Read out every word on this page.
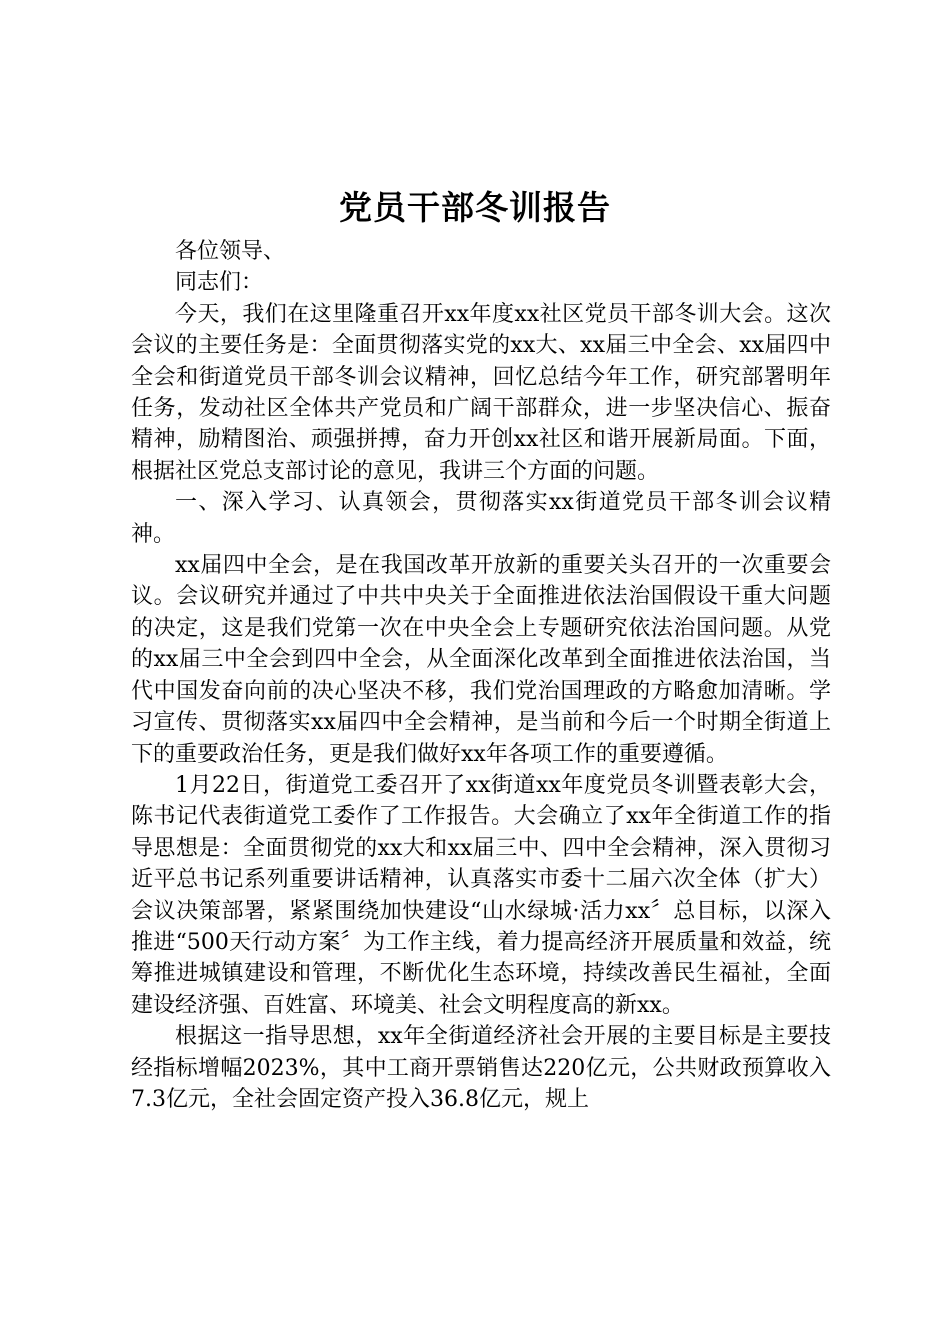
党员干部冬训报告

各位领导、

同志们：

今天，我们在这里隆重召开xx年度xx社区党员干部冬训大会。这次会议的主要任务是：全面贯彻落实党的xx大、xx届三中全会、xx届四中全会和街道党员干部冬训会议精神，回忆总结今年工作，研究部署明年任务，发动社区全体共产党员和广阔干部群众，进一步坚决信心、振奋精神，励精图治、顽强拼搏，奋力开创xx社区和谐开展新局面。下面，根据社区党总支部讨论的意见，我讲三个方面的问题。

一、深入学习、认真领会，贯彻落实xx街道党员干部冬训会议精神。

xx届四中全会，是在我国改革开放新的重要关头召开的一次重要会议。会议研究并通过了中共中央关于全面推进依法治国假设干重大问题的决定，这是我们党第一次在中央全会上专题研究依法治国问题。从党的xx届三中全会到四中全会，从全面深化改革到全面推进依法治国，当代中国发奋向前的决心坚决不移，我们党治国理政的方略愈加清晰。学习宣传、贯彻落实xx届四中全会精神，是当前和今后一个时期全街道上下的重要政治任务，更是我们做好xx年各项工作的重要遵循。

1月22日，街道党工委召开了xx街道xx年度党员冬训暨表彰大会，陈书记代表街道党工委作了工作报告。大会确立了xx年全街道工作的指导思想是：全面贯彻党的xx大和xx届三中、四中全会精神，深入贯彻习近平总书记系列重要讲话精神，认真落实市委十二届六次全体（扩大）会议决策部署，紧紧围绕加快建设“山水绿城·活力xx〞总目标，以深入推进“500天行动方案〞为工作主线，着力提高经济开展质量和效益，统筹推进城镇建设和管理，不断优化生态环境，持续改善民生福祉，全面建设经济强、百姓富、环境美、社会文明程度高的新xx。

根据这一指导思想，xx年全街道经济社会开展的主要目标是主要技经指标增幅2023%，其中工商开票销售达220亿元，公共财政预算收入7.3亿元，全社会固定资产投入36.8亿元，规上
